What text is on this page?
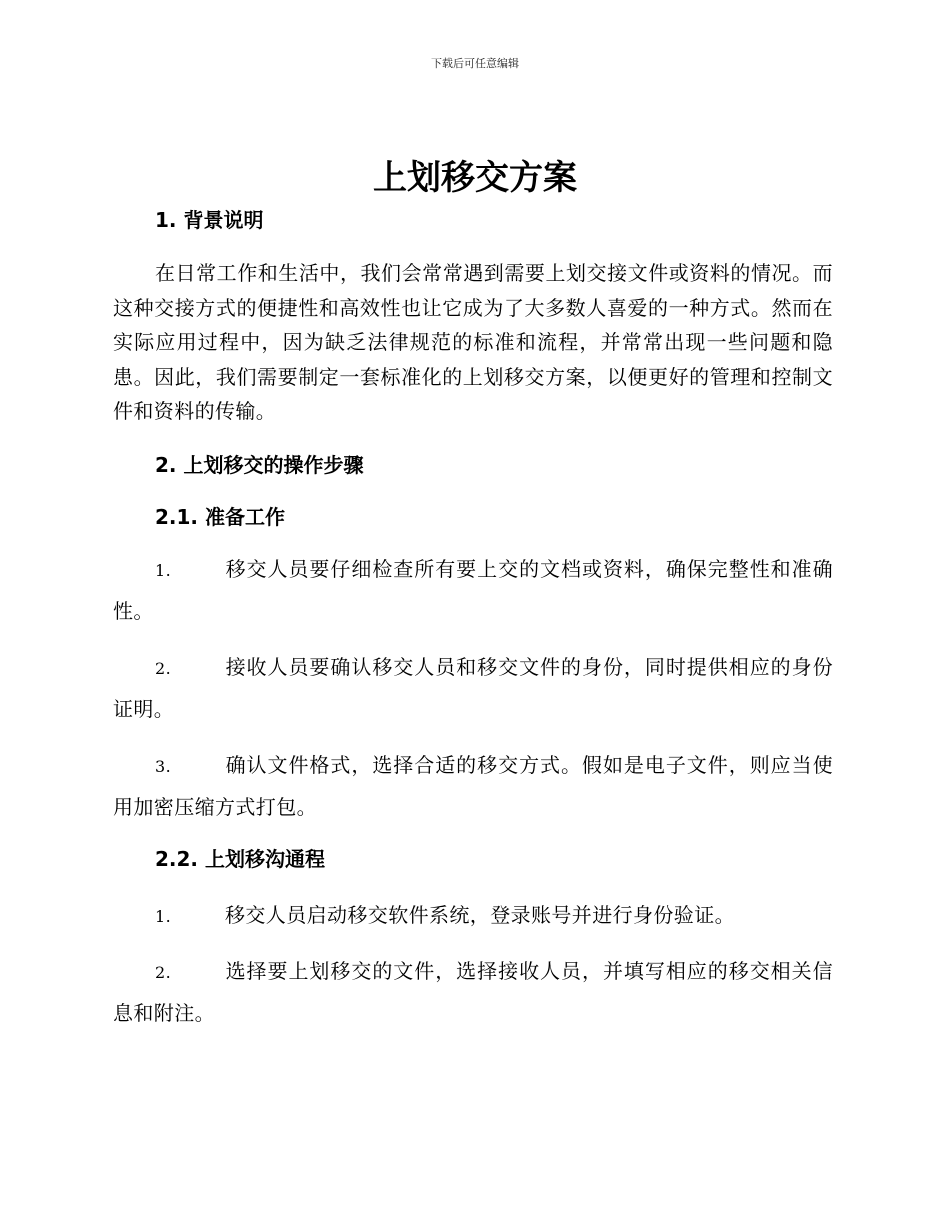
下载后可任意编辑
上划移交方案

1. 背景说明

在日常工作和生活中，我们会常常遇到需要上划交接文件或资料的情况。而这种交接方式的便捷性和高效性也让它成为了大多数人喜爱的一种方式。然而在实际应用过程中，因为缺乏法律规范的标准和流程，并常常出现一些问题和隐患。因此，我们需要制定一套标准化的上划移交方案，以便更好的管理和控制文件和资料的传输。

2. 上划移交的操作步骤

2.1. 准备工作

1.	移交人员要仔细检查所有要上交的文档或资料，确保完整性和准确性。

2.	接收人员要确认移交人员和移交文件的身份，同时提供相应的身份证明。

3.	确认文件格式，选择合适的移交方式。假如是电子文件，则应当使用加密压缩方式打包。

2.2. 上划移沟通程

1.	移交人员启动移交软件系统，登录账号并进行身份验证。

2.	选择要上划移交的文件，选择接收人员，并填写相应的移交相关信息和附注。
